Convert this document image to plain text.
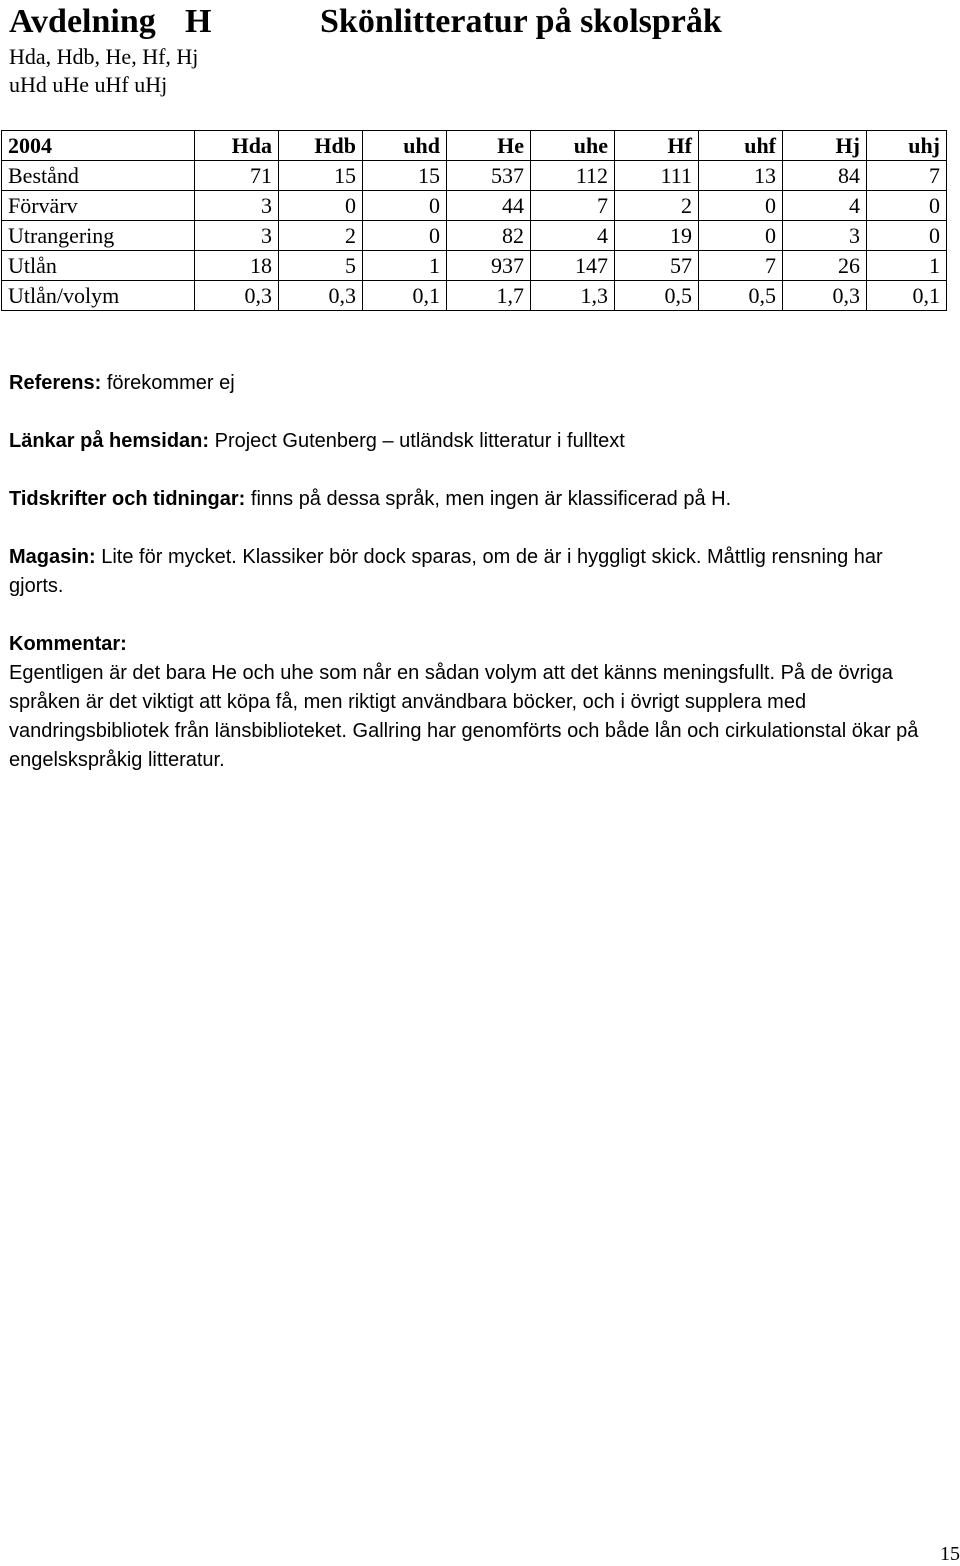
Avdelning H	Skönlitteratur på skolspråk
Hda, Hdb, He, Hf, Hj
uHd uHe uHf uHj
2004	Hda	Hdb	uhd	He	uhe	Hf	uhf	Hj	uhj
Bestånd	71	15	15	537	112	111	13	84	7
Förvärv	3	0	0	44	7	2	0	4	0
Utrangering	3	2	0	82	4	19	0	3	0
Utlån	18	5	1	937	147	57	7	26	1
Utlån/volym	0,3	0,3	0,1	1,7	1,3	0,5	0,5	0,3	0,1
Referens: förekommer ej
Länkar på hemsidan: Project Gutenberg – utländsk litteratur i fulltext
Tidskrifter och tidningar: finns på dessa språk, men ingen är klassificerad på H.
Magasin: Lite för mycket. Klassiker bör dock sparas, om de är i hyggligt skick. Måttlig rensning har gjorts.
Kommentar:
Egentligen är det bara He och uhe som når en sådan volym att det känns meningsfullt. På de övriga språken är det viktigt att köpa få, men riktigt användbara böcker, och i övrigt supplera med vandringsbibliotek från länsbiblioteket. Gallring har genomförts och både lån och cirkulationstal ökar på engelskspråkig litteratur.
15
